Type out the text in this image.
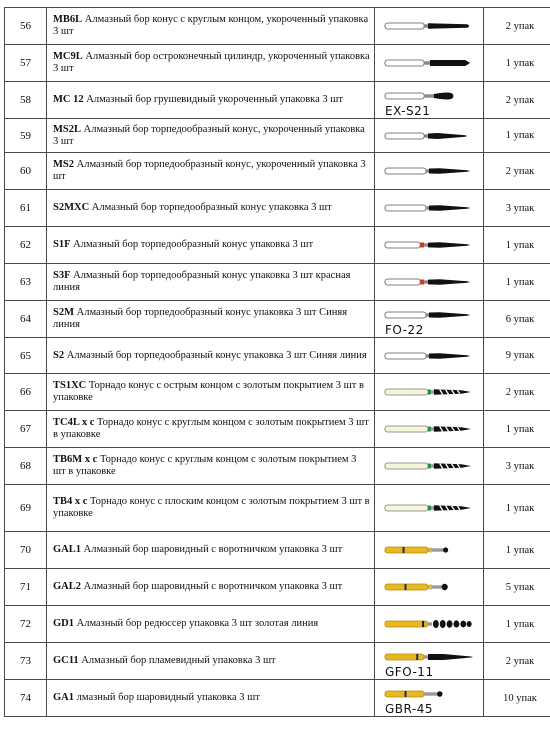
56	MB6L Алмазный бор конус с круглым концом, укороченный упаковка 3 шт		2 упак
57	MC9L Алмазный бор остроконечный цилиндр, укороченный упаковка 3 шт		1 упак
58	MC 12 Алмазный бор грушевидный укороченный упаковка 3 шт	EX-S21	2 упак
59	MS2L Алмазный бор торпедообразный конус, укороченный упаковка 3 шт		1 упак
60	MS2 Алмазный бор торпедообразный конус, укороченный упаковка 3 шт		2 упак
61	S2MXC Алмазный бор торпедообразный конус упаковка 3 шт		3 упак
62	S1F Алмазный бор торпедообразный конус упаковка 3 шт		1 упак
63	S3F Алмазный бор торпедообразный конус упаковка 3 шт красная линия		1 упак
64	S2M Алмазный бор торпедообразный конус упаковка 3 шт Синяя линия	FO-22	6 упак
65	S2 Алмазный бор торпедообразный конус упаковка 3 шт Синяя линия		9 упак
66	TS1XC Торнадо конус с острым концом с золотым покрытием 3 шт в упаковке		2 упак
67	TC4L x c Торнадо конус с круглым концом с золотым покрытием 3 шт в упаковке		1 упак
68	TB6M x c Торнадо конус с круглым концом с золотым покрытием 3 шт в упаковке		3 упак
69	TB4 x c Торнадо конус с плоским концом с золотым покрытием 3 шт в упаковке		1 упак
70	GAL1 Алмазный бор шаровидный с воротничком упаковка 3 шт		1 упак
71	GAL2 Алмазный бор шаровидный с воротничком упаковка 3 шт		5 упак
72	GD1 Алмазный бор редюссер упаковка 3 шт золотая линия		1 упак
73	GC11 Алмазный бор пламевидный упаковка 3 шт	GFO-11	2 упак
74	GA1 лмазный бор шаровидный упаковка 3 шт	GBR-45	10 упак
